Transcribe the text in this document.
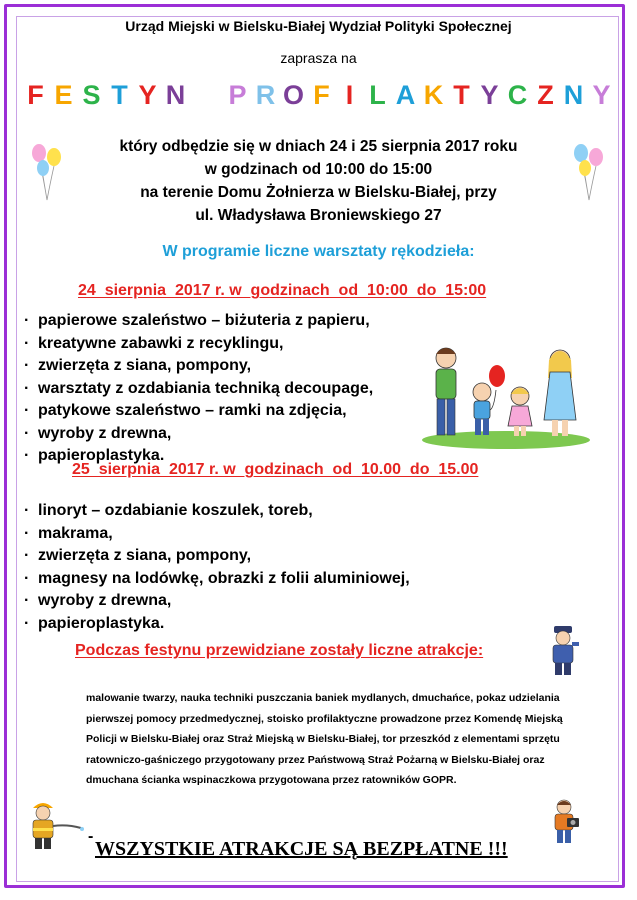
Urząd Miejski w Bielsku-Białej Wydział Polityki Społecznej
zaprasza na
F E S T Y N P R O F I L A K T Y C Z N Y
który odbędzie się w dniach 24 i 25 sierpnia 2017 roku
w godzinach od 10:00 do 15:00
na terenie Domu Żołnierza w Bielsku-Białej, przy
ul. Władysława Broniewskiego 27
W programie liczne warsztaty rękodzieła:
24  sierpnia  2017 r. w  godzinach  od  10:00  do  15:00
· papierowe szaleństwo – biżuteria z papieru,
· kreatywne zabawki z recyklingu,
· zwierzęta z siana, pompony,
· warsztaty z ozdabiania techniką decoupage,
· patykowe szaleństwo – ramki na zdjęcia,
· wyroby z drewna,
· papieroplastyka.
25  sierpnia  2017 r. w  godzinach  od  10.00  do  15.00
· linoryt – ozdabianie koszulek, toreb,
· makrama,
· zwierzęta z siana, pompony,
· magnesy na lodówkę, obrazki z folii aluminiowej,
· wyroby z drewna,
· papieroplastyka.
Podczas festynu przewidziane zostały liczne atrakcje:
malowanie twarzy, nauka techniki puszczania baniek mydlanych, dmuchańce, pokaz udzielania pierwszej pomocy przedmedycznej, stoisko profilaktyczne prowadzone przez Komendę Miejską Policji w Bielsku-Białej oraz Straż Miejską w Bielsku-Białej, tor przeszkód z elementami sprzętu ratowniczo-gaśniczego przygotowany przez Państwową Straż Pożarną w Bielsku-Białej oraz dmuchana ścianka wspinaczkowa przygotowana przez ratowników GOPR.
-
WSZYSTKIE ATRAKCJE SĄ BEZPŁATNE !!!
